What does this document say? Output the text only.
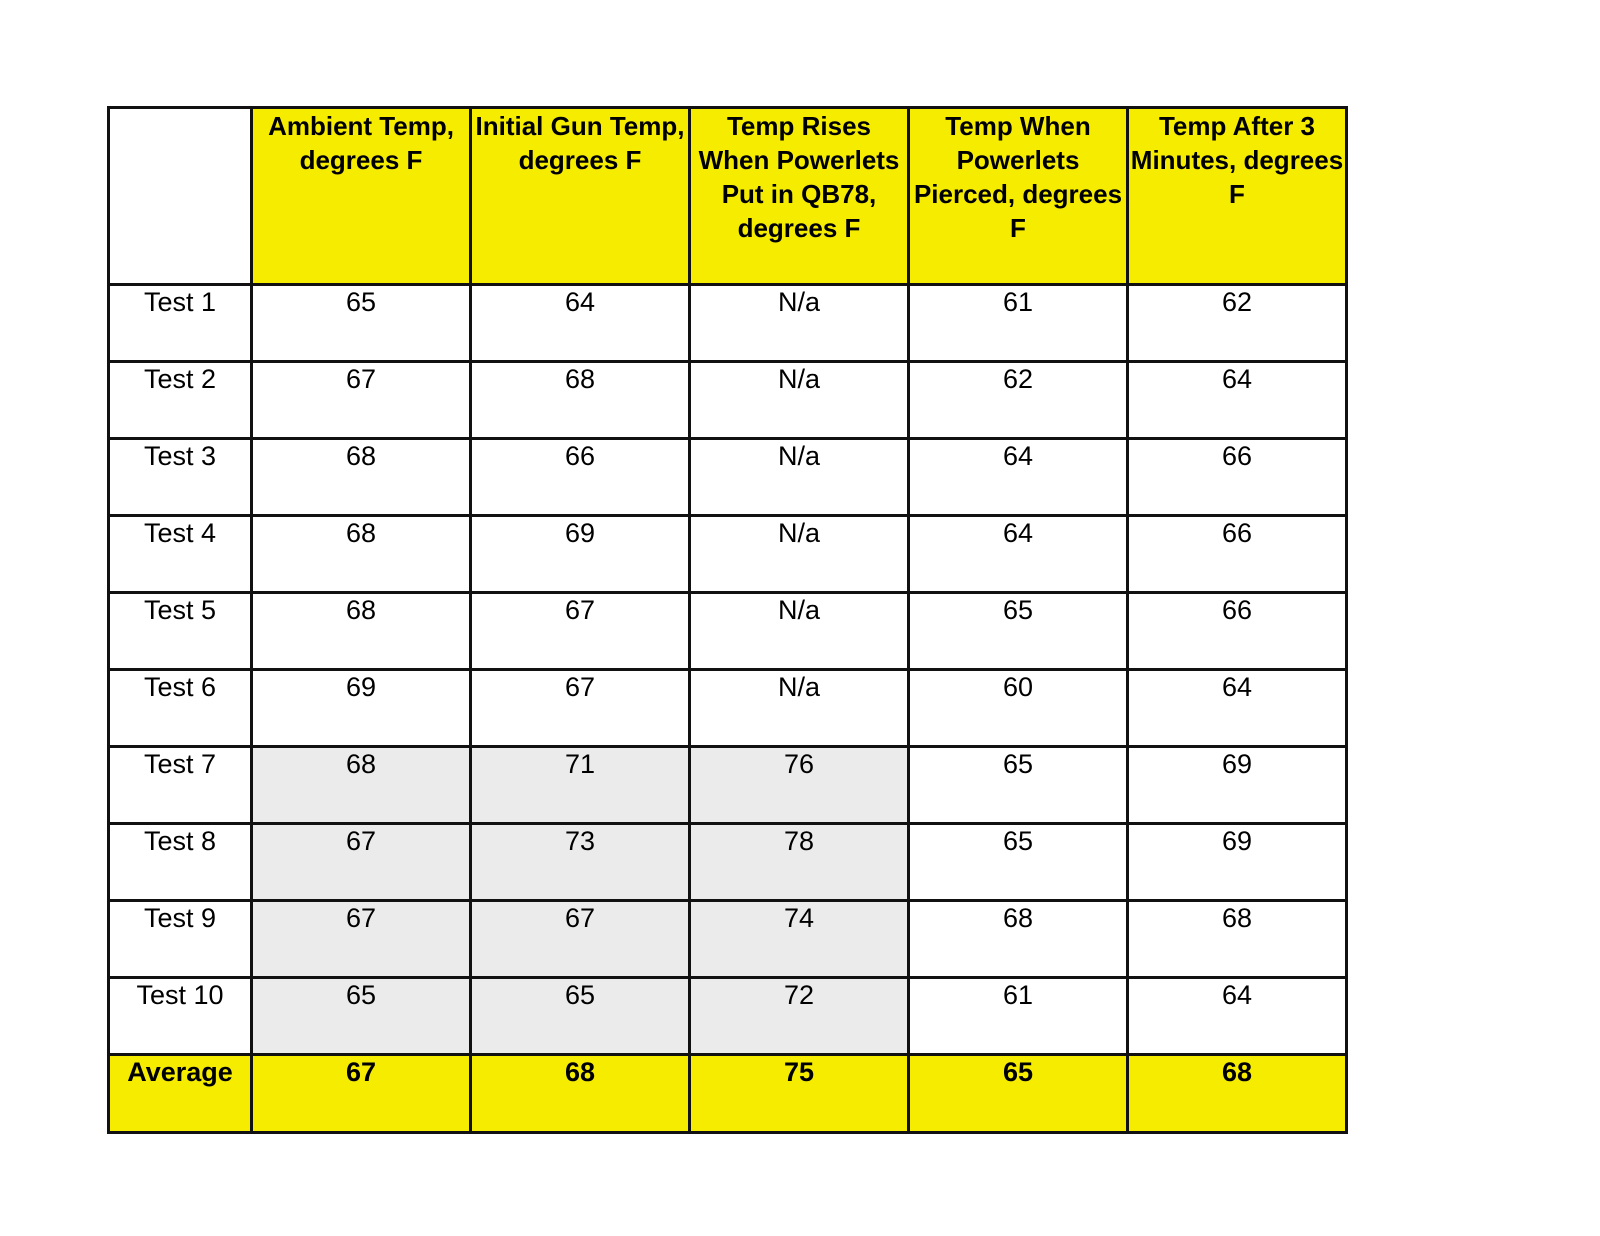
	Ambient Temp, degrees F	Initial Gun Temp, degrees F	Temp Rises When Powerlets Put in QB78, degrees F	Temp When Powerlets Pierced, degrees F	Temp After 3 Minutes, degrees F
Test 1	65	64	N/a	61	62
Test 2	67	68	N/a	62	64
Test 3	68	66	N/a	64	66
Test 4	68	69	N/a	64	66
Test 5	68	67	N/a	65	66
Test 6	69	67	N/a	60	64
Test 7	68	71	76	65	69
Test 8	67	73	78	65	69
Test 9	67	67	74	68	68
Test 10	65	65	72	61	64
Average	67	68	75	65	68
